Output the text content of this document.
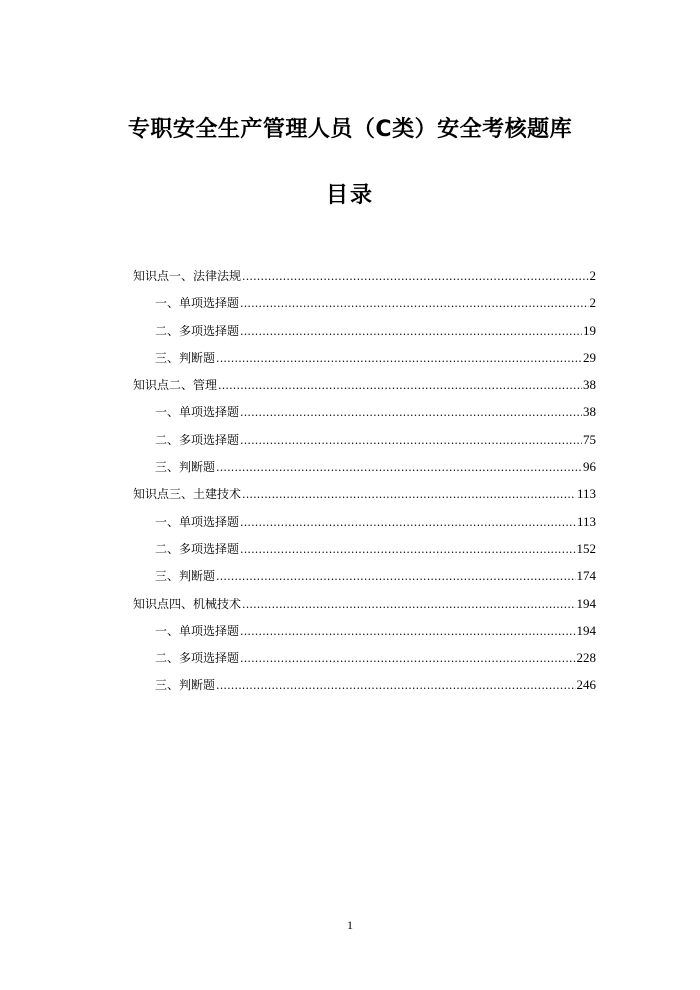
专职安全生产管理人员（C类）安全考核题库
目录
知识点一、法律法规 .....	2
一、单项选择题 .....	2
二、多项选择题 .....	19
三、判断题 .....	29
知识点二、管理 .....	38
一、单项选择题 .....	38
二、多项选择题 .....	75
三、判断题 .....	96
知识点三、土建技术 .....	113
一、单项选择题 .....	113
二、多项选择题 .....	152
三、判断题 .....	174
知识点四、机械技术 .....	194
一、单项选择题 .....	194
二、多项选择题 .....	228
三、判断题 .....	246
1
